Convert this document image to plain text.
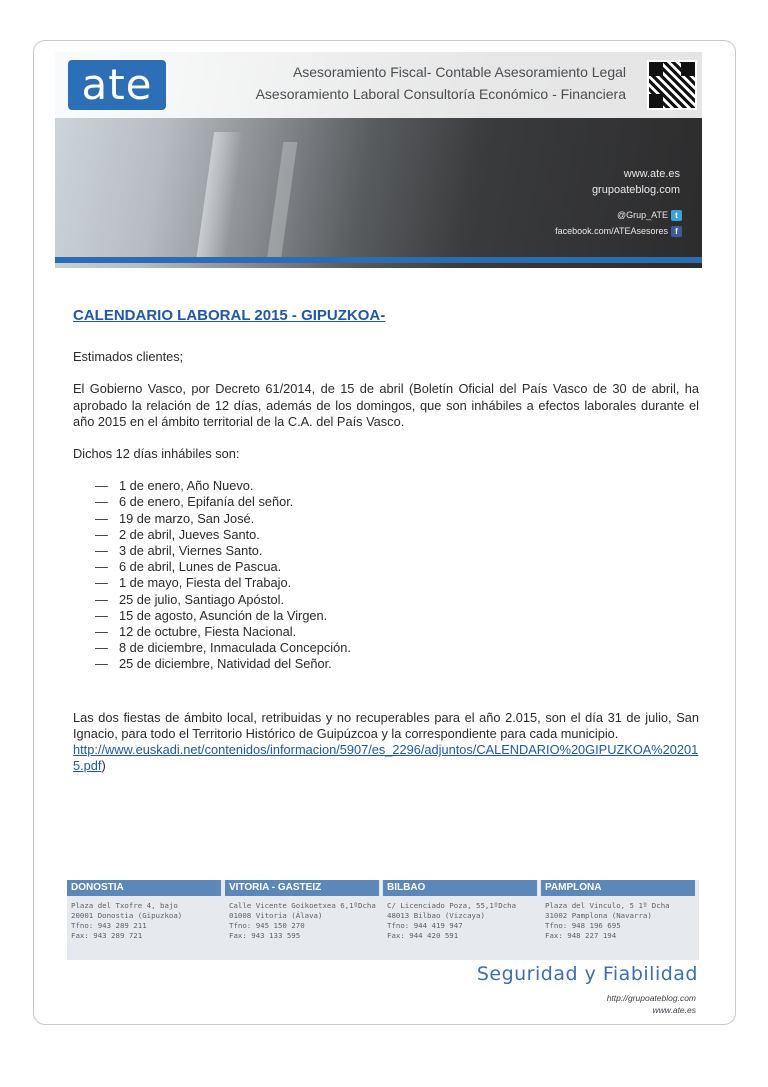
ate	Asesoramiento Fiscal- Contable Asesoramiento Legal
Asesoramiento Laboral Consultoría Económico - Financiera
www.ate.es
grupoateblog.com
@Grup_ATE t
facebook.com/ATEAsesores f
CALENDARIO LABORAL 2015 - GIPUZKOA-

Estimados clientes;

El Gobierno Vasco, por Decreto 61/2014, de 15 de abril (Boletín Oficial del País Vasco de 30 de abril, ha aprobado la relación de 12 días, además de los domingos, que son inhábiles a efectos laborales durante el año 2015 en el ámbito territorial de la C.A. del País Vasco.

Dichos 12 días inhábiles son:

— 1 de enero, Año Nuevo.
— 6 de enero, Epifanía del señor.
— 19 de marzo, San José.
— 2 de abril, Jueves Santo.
— 3 de abril, Viernes Santo.
— 6 de abril, Lunes de Pascua.
— 1 de mayo, Fiesta del Trabajo.
— 25 de julio, Santiago Apóstol.
— 15 de agosto, Asunción de la Virgen.
— 12 de octubre, Fiesta Nacional.
— 8 de diciembre, Inmaculada Concepción.
— 25 de diciembre, Natividad del Señor.

Las dos fiestas de ámbito local, retribuidas y no recuperables para el año 2.015, son el día 31 de julio, San Ignacio, para todo el Territorio Histórico de Guipúzcoa y la correspondiente para cada municipio.

http://www.euskadi.net/contenidos/informacion/5907/es_2296/adjuntos/CALENDARIO%20GIPUZKOA%202015.pdf)
DONOSTIA
Plaza del Txofre 4, bajo
20001 Donostia (Gipuzkoa)
Tfno: 943 289 211
Fax: 943 289 721
VITORIA - GASTEIZ
Calle Vicente Goikoetxea 6,1ºDcha
01008 Vitoria (Álava)
Tfno: 945 150 270
Fax: 943 133 595
BILBAO
C/ Licenciado Poza, 55,1ºDcha
48013 Bilbao (Vizcaya)
Tfno: 944 419 947
Fax: 944 420 591
PAMPLONA
Plaza del Vinculo, 5 1º Dcha
31002 Pamplona (Navarra)
Tfno: 948 196 695
Fax: 948 227 194
Seguridad y Fiabilidad
http://grupoateblog.com
www.ate.es
